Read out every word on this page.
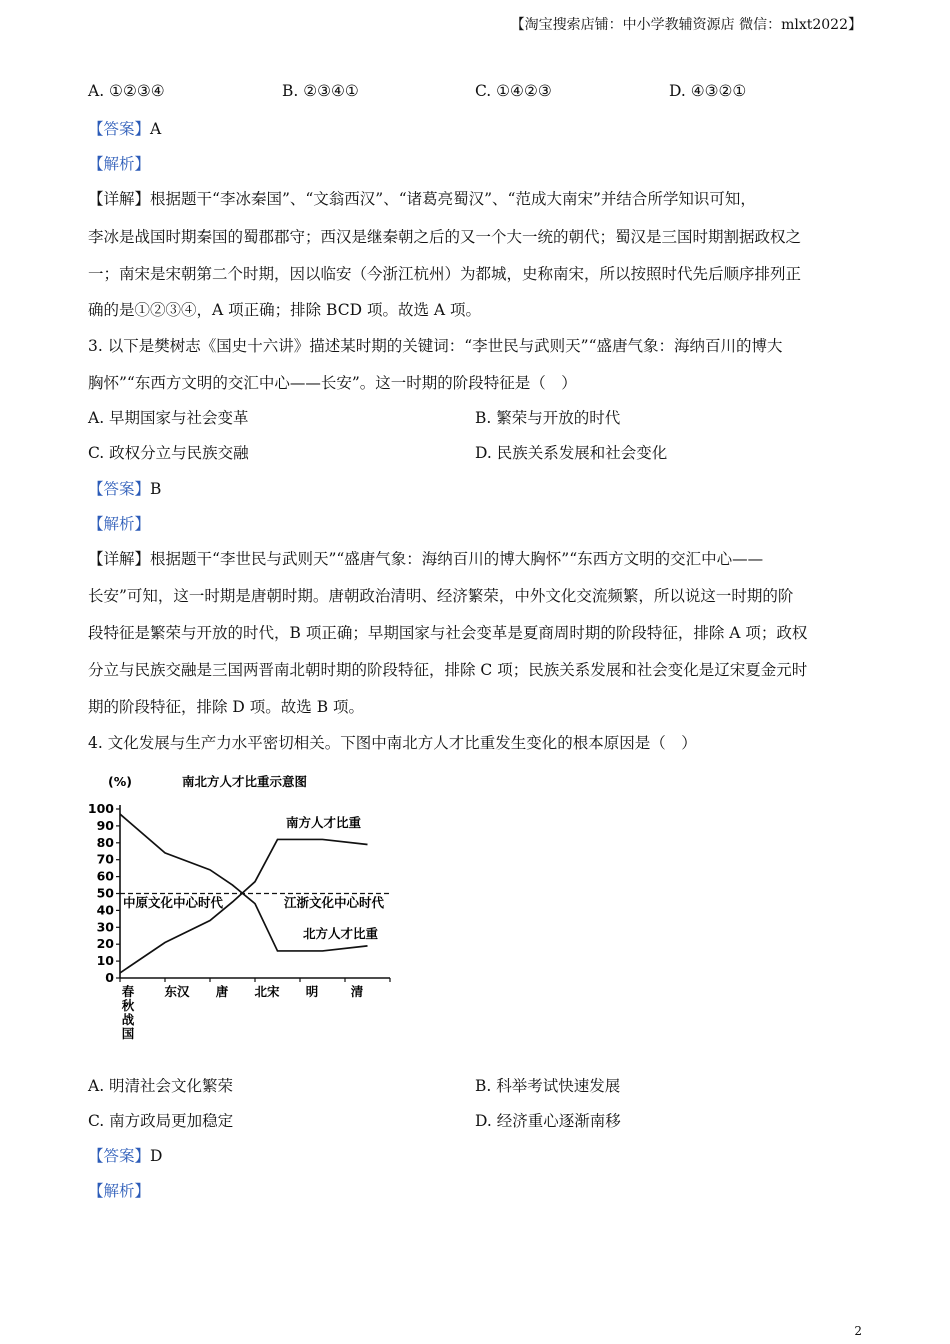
【淘宝搜索店铺：中小学教辅资源店 微信：mlxt2022】
A. ①②③④	B. ②③④①	C. ①④②③	D. ④③②①
【答案】A
【解析】
【详解】根据题干“李冰秦国”、“文翁西汉”、“诸葛亮蜀汉”、“范成大南宋”并结合所学知识可知，
李冰是战国时期秦国的蜀郡郡守；西汉是继秦朝之后的又一个大一统的朝代；蜀汉是三国时期割据政权之
一；南宋是宋朝第二个时期，因以临安（今浙江杭州）为都城，史称南宋，所以按照时代先后顺序排列正
确的是①②③④，A 项正确；排除 BCD 项。故选 A 项。
3. 以下是樊树志《国史十六讲》描述某时期的关键词：“李世民与武则天”“盛唐气象：海纳百川的博大
胸怀”“东西方文明的交汇中心——长安”。这一时期的阶段特征是（　）
A. 早期国家与社会变革	B. 繁荣与开放的时代
C. 政权分立与民族交融	D. 民族关系发展和社会变化
【答案】B
【解析】
【详解】根据题干“李世民与武则天”“盛唐气象：海纳百川的博大胸怀”“东西方文明的交汇中心——
长安”可知，这一时期是唐朝时期。唐朝政治清明、经济繁荣，中外文化交流频繁，所以说这一时期的阶
段特征是繁荣与开放的时代，B 项正确；早期国家与社会变革是夏商周时期的阶段特征，排除 A 项；政权
分立与民族交融是三国两晋南北朝时期的阶段特征，排除 C 项；民族关系发展和社会变化是辽宋夏金元时
期的阶段特征，排除 D 项。故选 B 项。
4. 文化发展与生产力水平密切相关。下图中南北方人才比重发生变化的根本原因是（　）
(%)	南北方人才比重示意图
100
90
80
70
60
50
40
30
20
10
0
春
秋
战
国
东汉 唐 北宋 明	清
南方人才比重
北方人才比重
中原文化中心时代	江浙文化中心时代
A. 明清社会文化繁荣	B. 科举考试快速发展
C. 南方政局更加稳定	D. 经济重心逐渐南移
【答案】D
【解析】
2
